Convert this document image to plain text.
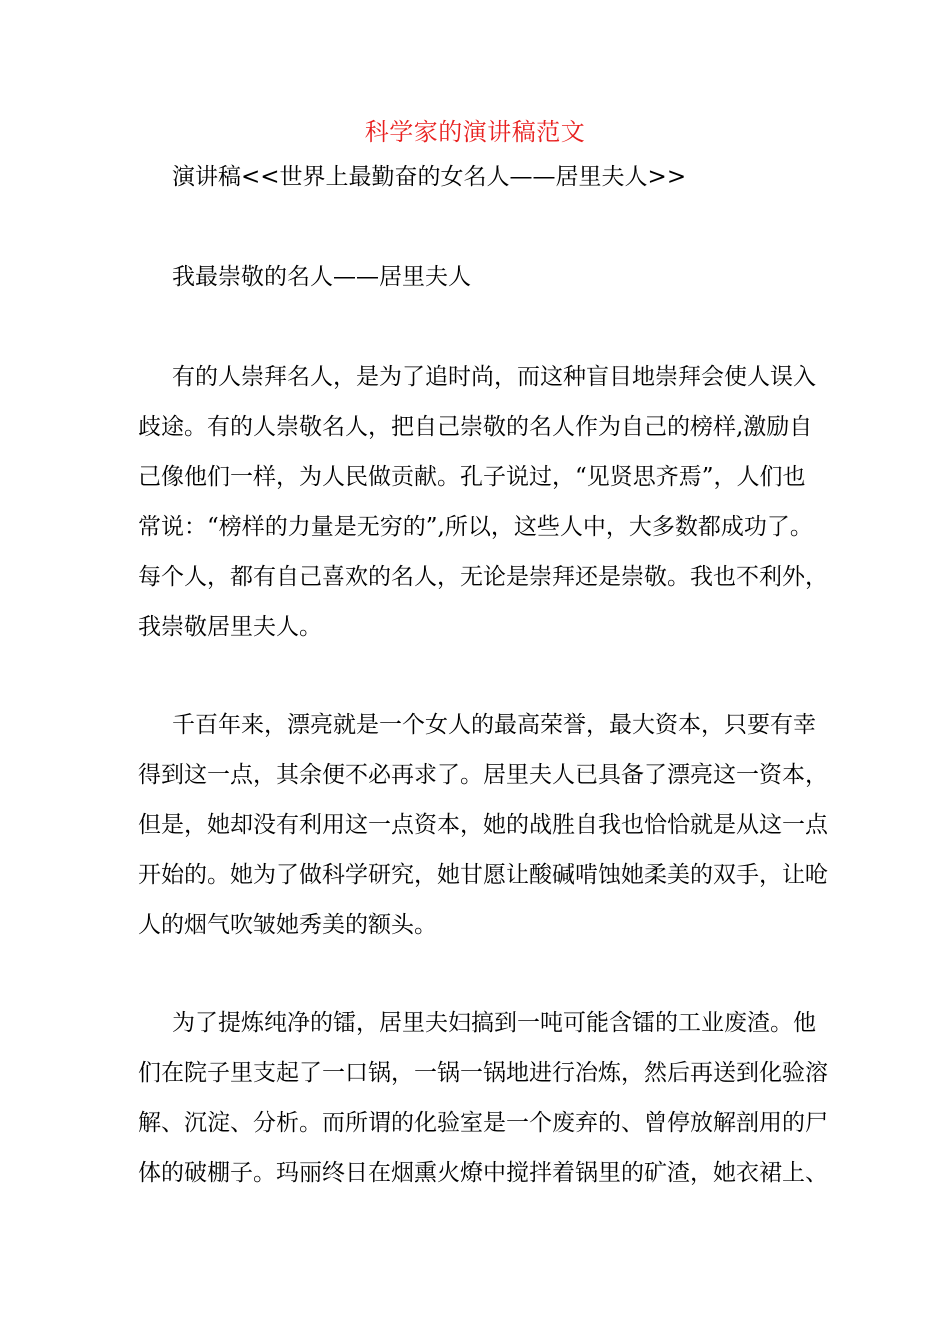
科学家的演讲稿范文
演讲稿<<世界上最勤奋的女名人——居里夫人>>
我最崇敬的名人——居里夫人
有的人崇拜名人，是为了追时尚，而这种盲目地崇拜会使人误入
歧途。有的人崇敬名人，把自己崇敬的名人作为自己的榜样,激励自
己像他们一样，为人民做贡献。孔子说过，“见贤思齐焉”，人们也
常说：“榜样的力量是无穷的”,所以，这些人中，大多数都成功了。
每个人，都有自己喜欢的名人，无论是崇拜还是崇敬。我也不利外，
我崇敬居里夫人。
千百年来，漂亮就是一个女人的最高荣誉，最大资本，只要有幸
得到这一点，其余便不必再求了。居里夫人已具备了漂亮这一资本，
但是，她却没有利用这一点资本，她的战胜自我也恰恰就是从这一点
开始的。她为了做科学研究，她甘愿让酸碱啃蚀她柔美的双手，让呛
人的烟气吹皱她秀美的额头。
为了提炼纯净的镭，居里夫妇搞到一吨可能含镭的工业废渣。他
们在院子里支起了一口锅，一锅一锅地进行冶炼，然后再送到化验溶
解、沉淀、分析。而所谓的化验室是一个废弃的、曾停放解剖用的尸
体的破棚子。玛丽终日在烟熏火燎中搅拌着锅里的矿渣，她衣裙上、
